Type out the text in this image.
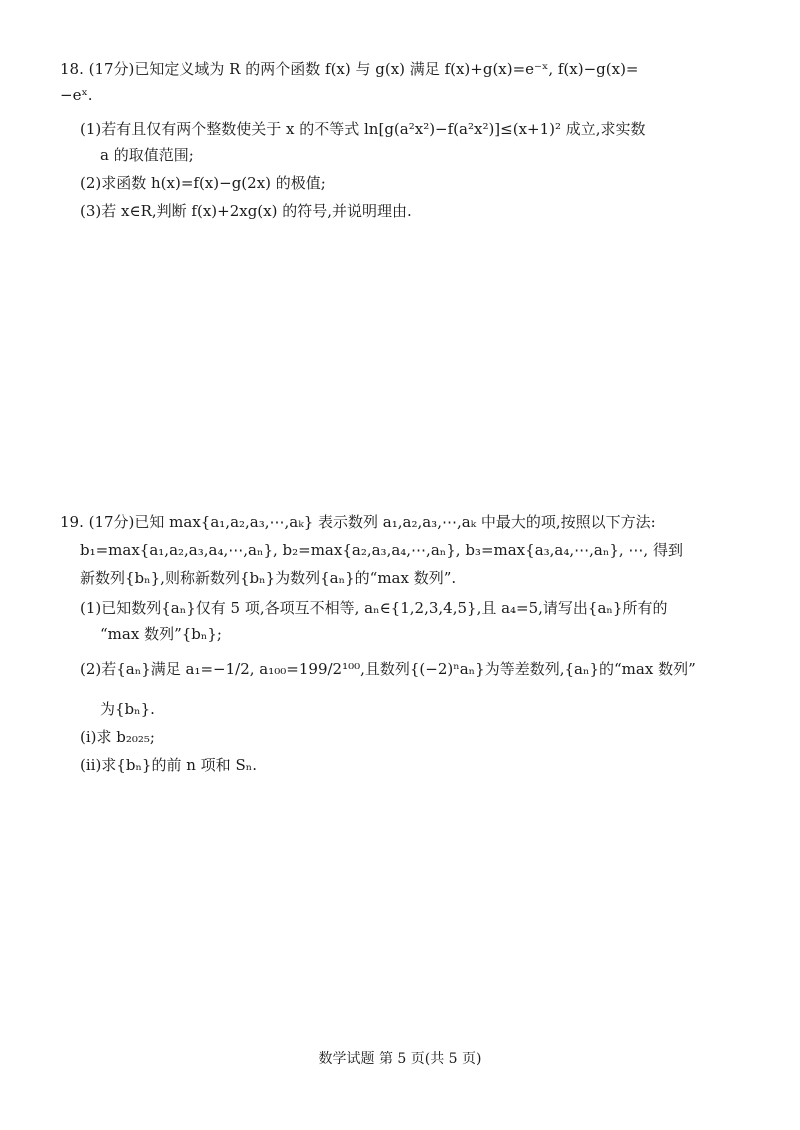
18. (17分)已知定义域为 R 的两个函数 f(x) 与 g(x) 满足 f(x)+g(x)=e⁻ˣ, f(x)−g(x)=
−eˣ.
(1)若有且仅有两个整数使关于 x 的不等式 ln[g(a²x²)−f(a²x²)]≤(x+1)² 成立,求实数
a 的取值范围;
(2)求函数 h(x)=f(x)−g(2x) 的极值;
(3)若 x∈R,判断 f(x)+2xg(x) 的符号,并说明理由.
19. (17分)已知 max{a₁,a₂,a₃,⋯,aₖ} 表示数列 a₁,a₂,a₃,⋯,aₖ 中最大的项,按照以下方法:
b₁=max{a₁,a₂,a₃,a₄,⋯,aₙ}, b₂=max{a₂,a₃,a₄,⋯,aₙ}, b₃=max{a₃,a₄,⋯,aₙ}, ⋯, 得到
新数列{bₙ},则称新数列{bₙ}为数列{aₙ}的“max 数列”.
(1)已知数列{aₙ}仅有 5 项,各项互不相等, aₙ∈{1,2,3,4,5},且 a₄=5,请写出{aₙ}所有的
“max 数列”{bₙ};
(2)若{aₙ}满足 a₁=−1/2, a₁₀₀=199/2¹⁰⁰,且数列{(−2)ⁿaₙ}为等差数列,{aₙ}的“max 数列”
为{bₙ}.
(ⅰ)求 b₂₀₂₅;
(ⅱ)求{bₙ}的前 n 项和 Sₙ.
数学试题 第 5 页(共 5 页)
